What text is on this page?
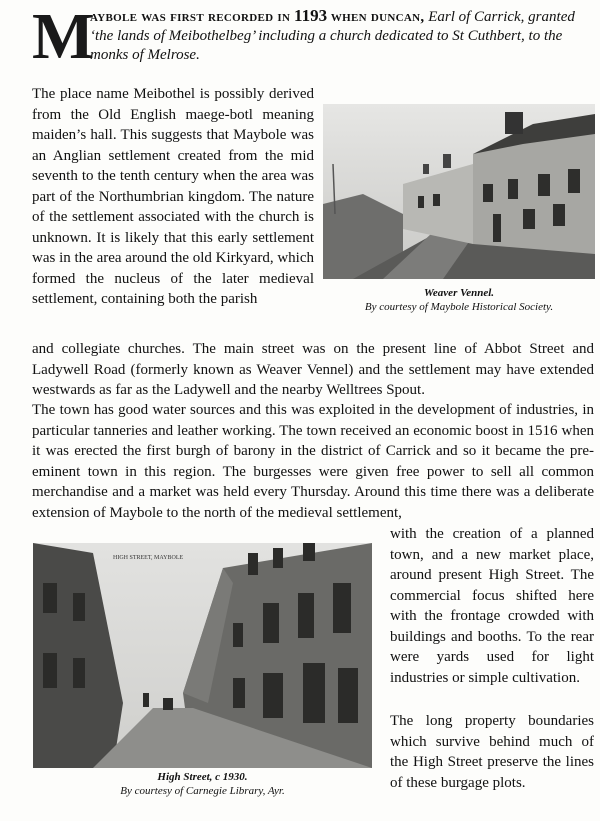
M
aybole was first recorded in 1193 when duncan, Earl of Carrick, granted ‘the lands of Meibothelbeg’ including a church dedicated to St Cuthbert, to the monks of Melrose.

The place name Meibothel is possibly derived from the Old English maege-botl meaning maiden’s hall. This suggests that Maybole was an Anglian settlement created from the mid seventh to the tenth century when the area was part of the Northumbrian kingdom. The nature of the settlement associated with the church is unknown. It is likely that this early settlement was in the area around the old Kirkyard, which formed the nucleus of the later medieval settlement, containing both the parish	Weaver Vennel.
By courtesy of Maybole Historical Society.

and collegiate churches. The main street was on the present line of Abbot Street and Ladywell Road (formerly known as Weaver Vennel) and the settlement may have extended westwards as far as the Ladywell and the nearby Welltrees Spout.

The town has good water sources and this was exploited in the development of industries, in particular tanneries and leather working. The town received an economic boost in 1516 when it was erected the first burgh of barony in the district of Carrick and so it became the pre-eminent town in this region. The burgesses were given free power to sell all common merchandise and a market was held every Thursday. Around this time there was a deliberate extension of Maybole to the north of the medieval settlement,

HIGH STREET, MAYBOLE
High Street, c 1930.
By courtesy of Carnegie Library, Ayr.

with the creation of a planned town, and a new market place, around present High Street. The commercial focus shifted here with the frontage crowded with buildings and booths. To the rear were yards used for light industries or simple cultivation.

The long property boundaries which survive behind much of the High Street preserve the lines of these burgage plots.
